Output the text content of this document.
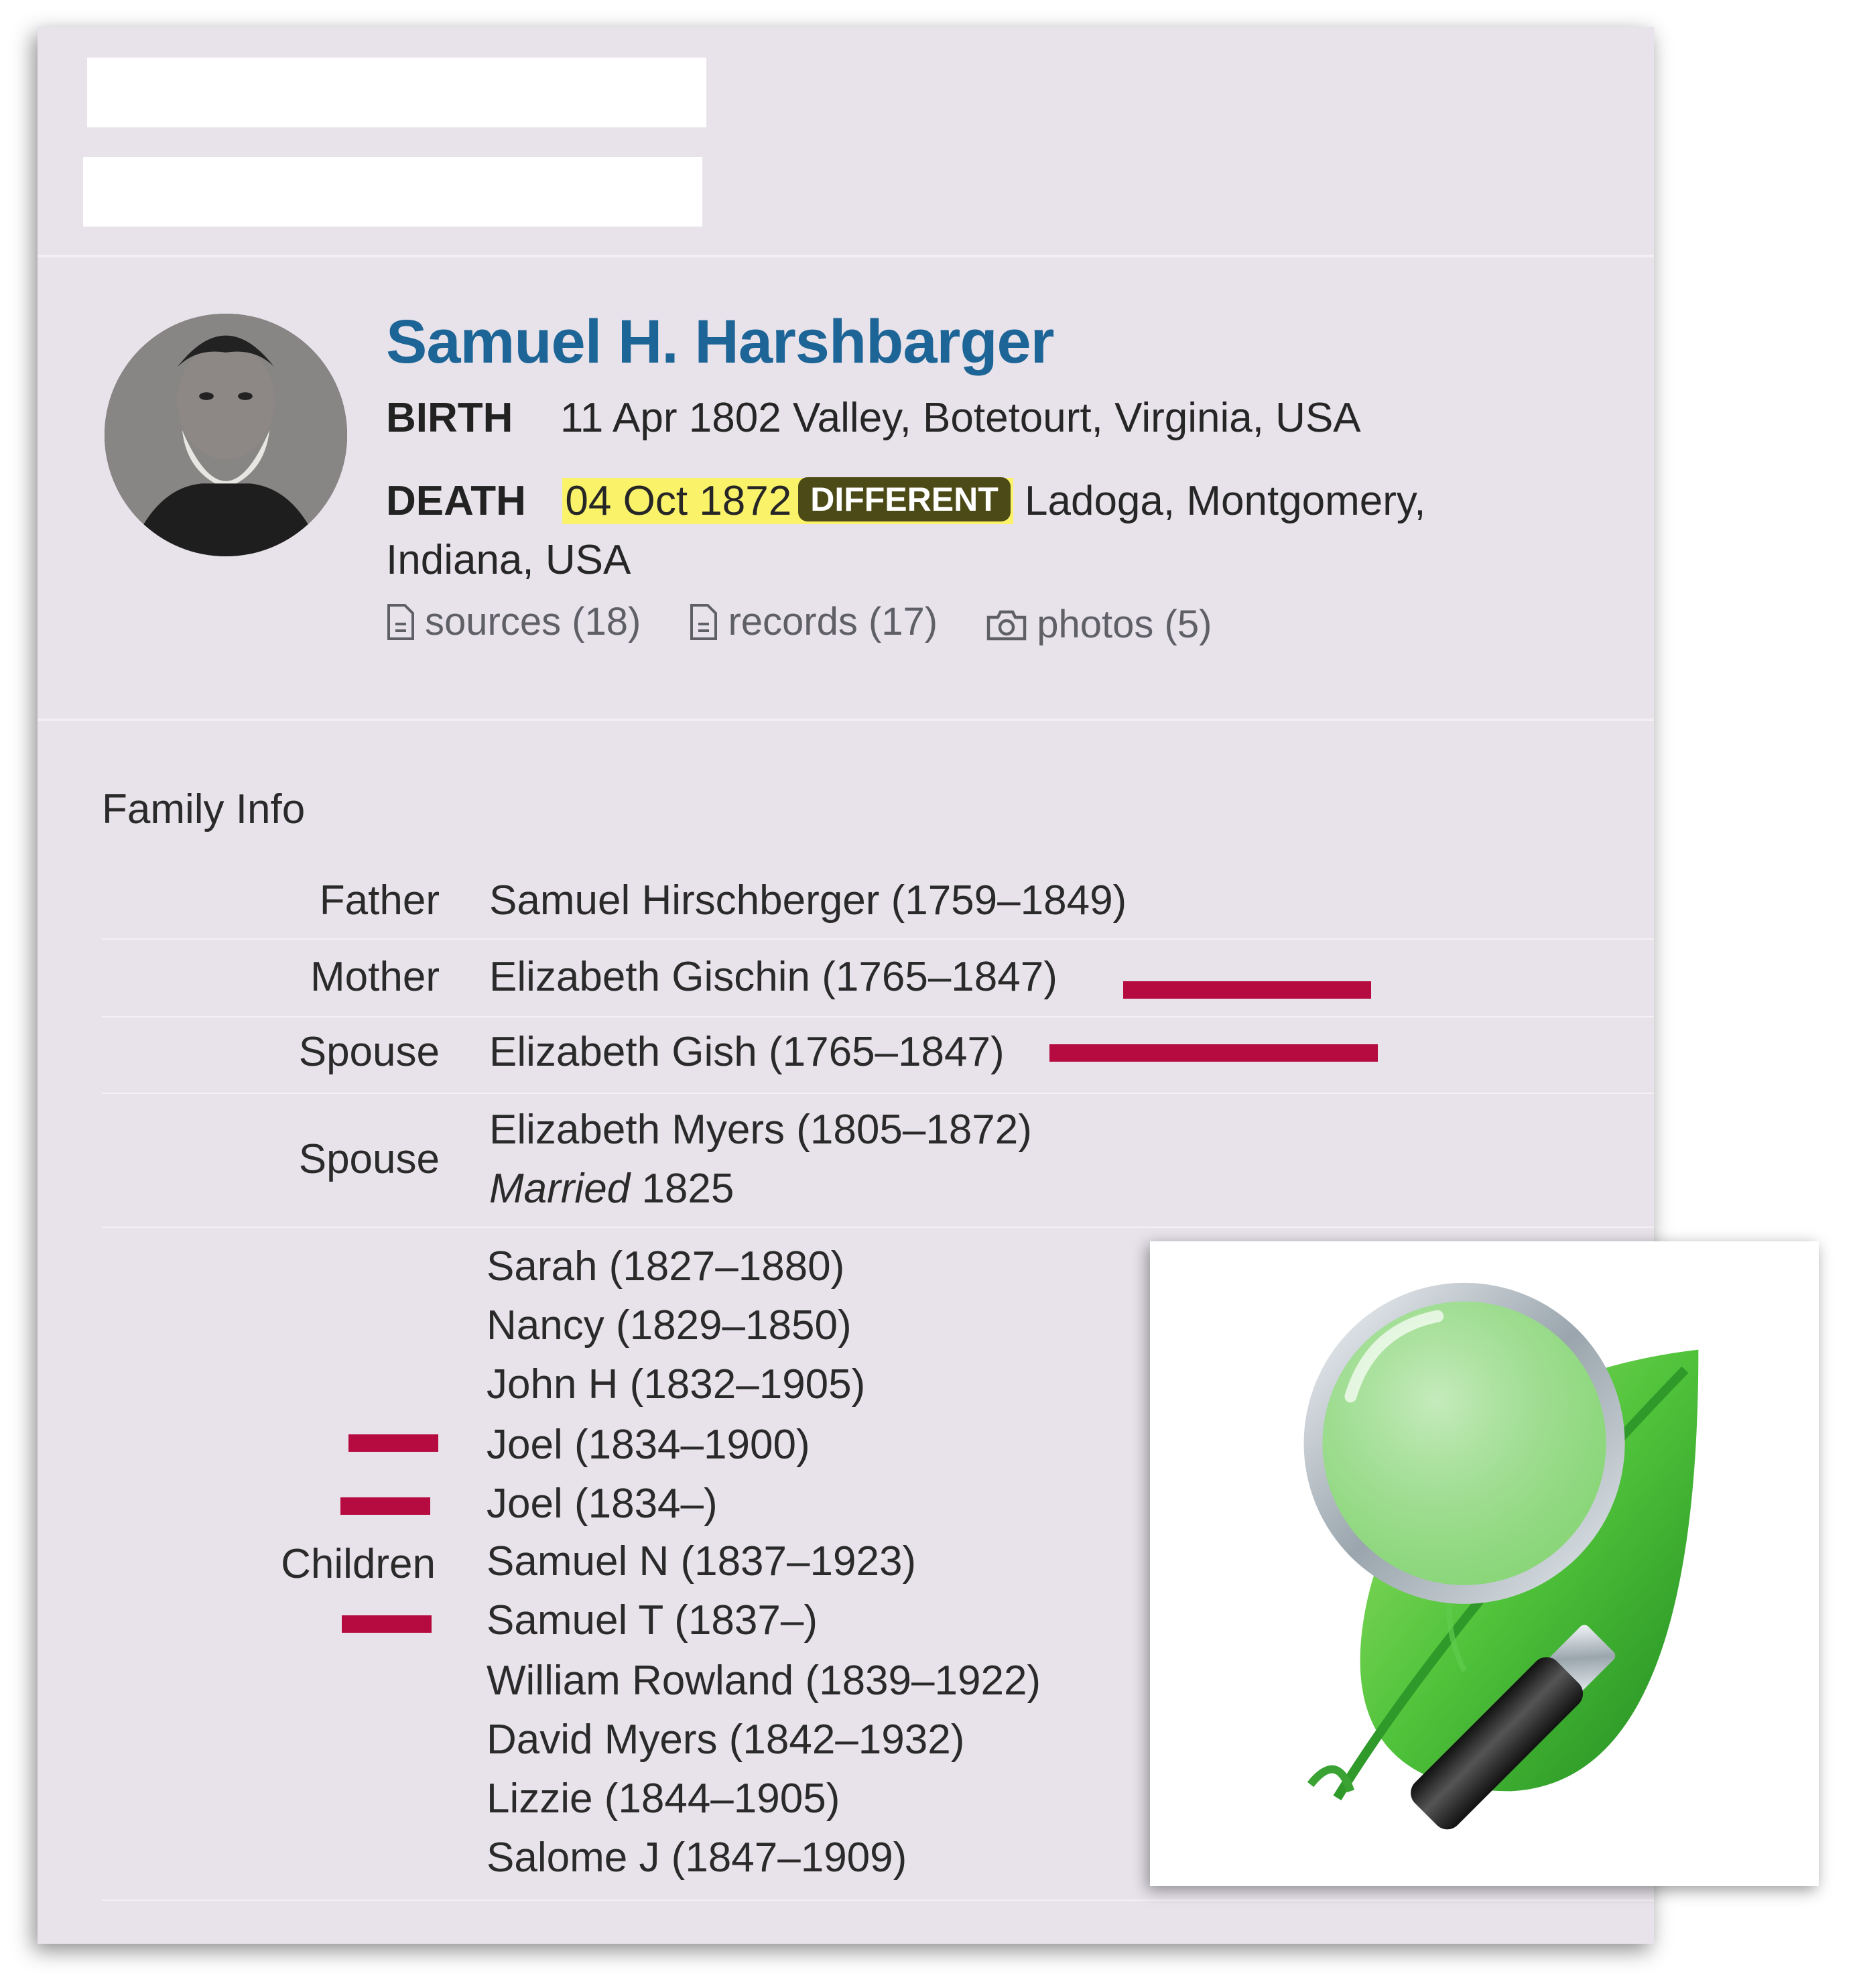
Samuel H. Harshbarger
BIRTH 11 Apr 1802 Valley, Botetourt, Virginia, USA
DEATH 04 Oct 1872 DIFFERENT Ladoga, Montgomery,
Indiana, USA
sources (18)
records (17)
	photos (5)
Family Info
Father Samuel Hirschberger (1759–1849)
Mother Elizabeth Gischin (1765–1847)
Spouse Elizabeth Gish (1765–1847)
Spouse
Elizabeth Myers (1805–1872)
Married 1825
Children
Sarah (1827–1880)
Nancy (1829–1850)
John H (1832–1905)
Joel (1834–1900)
Joel (1834–)
Samuel N (1837–1923)
Samuel T (1837–)
William Rowland (1839–1922)
David Myers (1842–1932)
Lizzie (1844–1905)
Salome J (1847–1909)
